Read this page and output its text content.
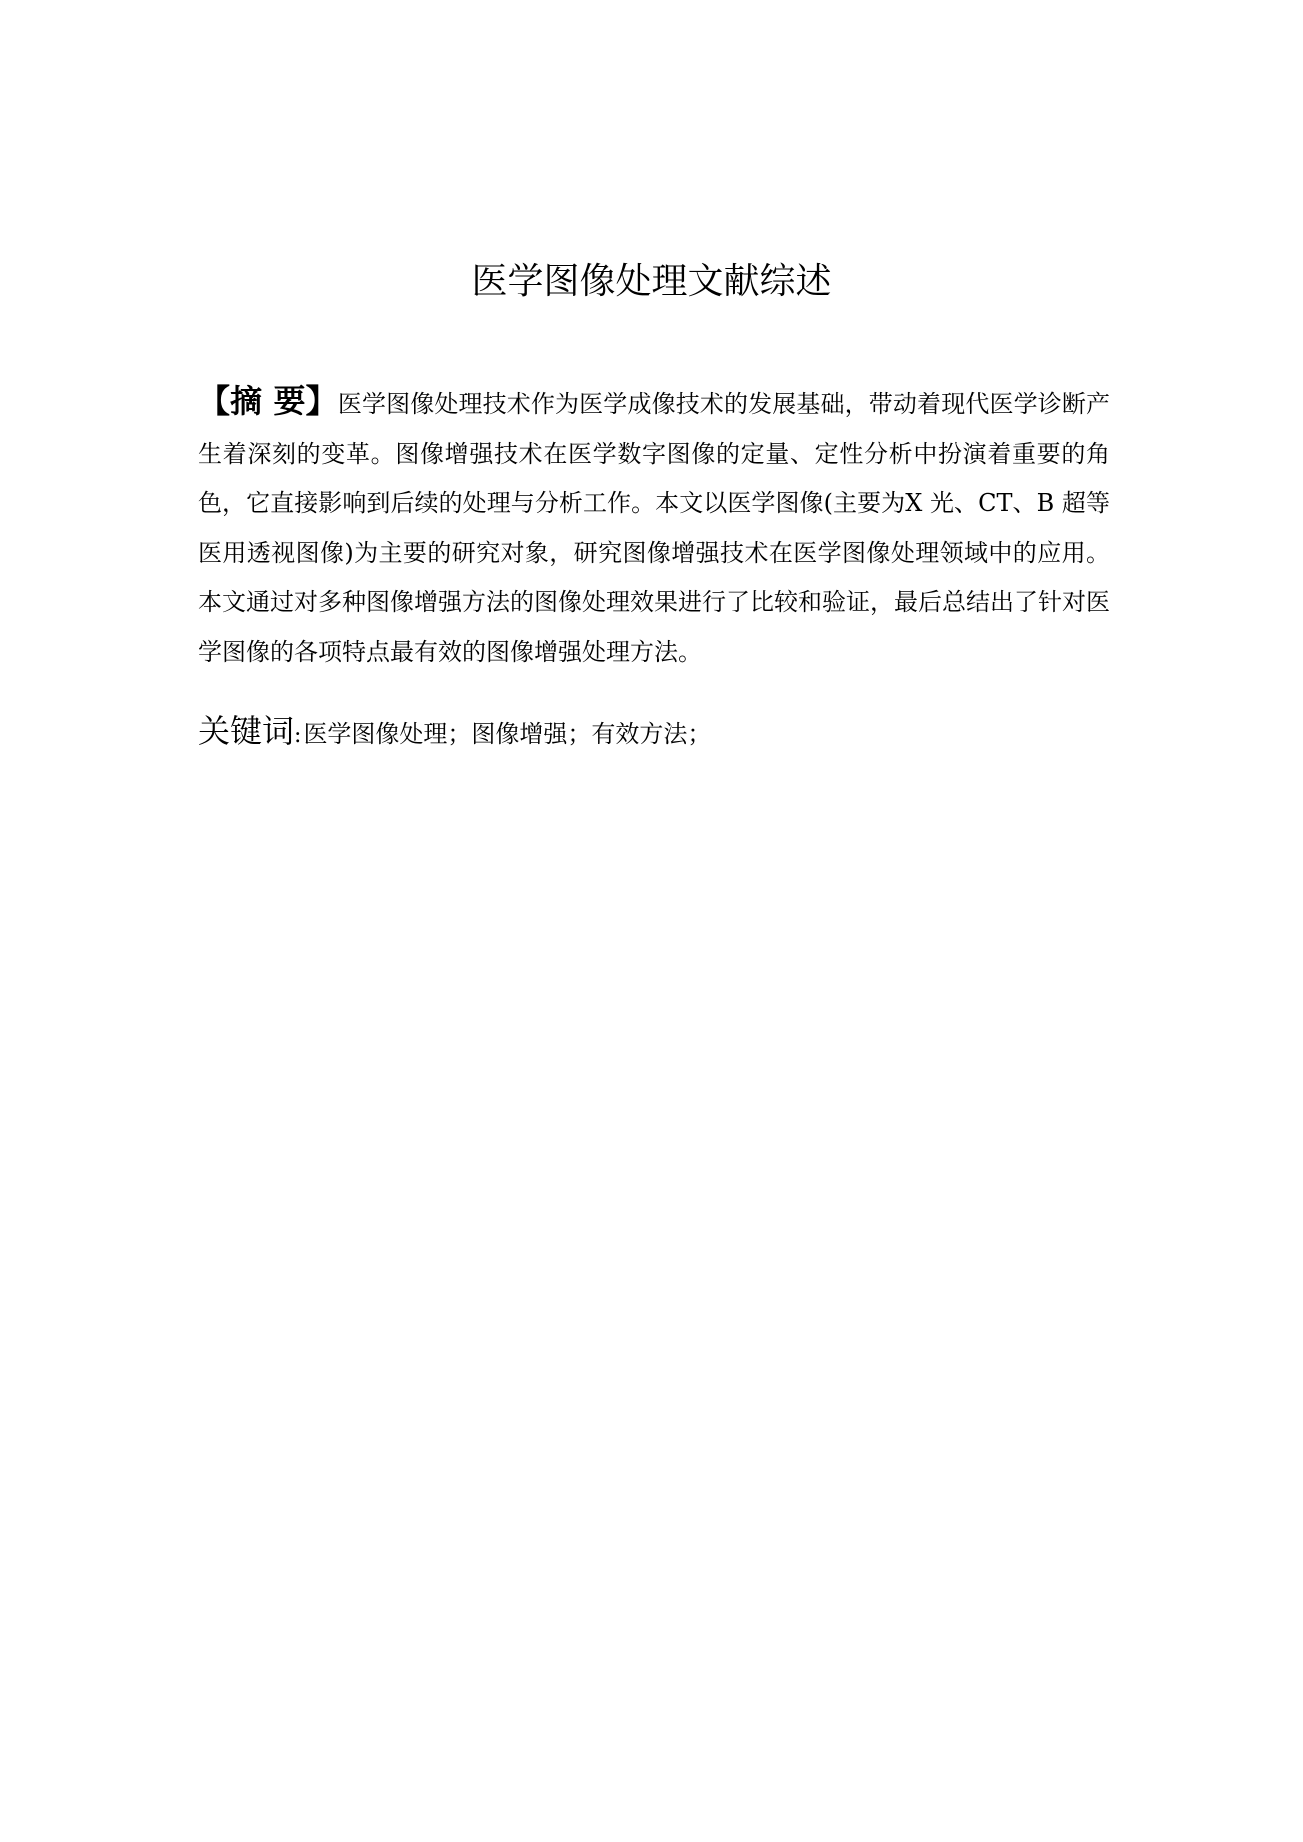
医学图像处理文献综述
【摘 要】医学图像处理技术作为医学成像技术的发展基础，带动着现代医学诊断产生着深刻的变革。图像增强技术在医学数字图像的定量、定性分析中扮演着重要的角色，它直接影响到后续的处理与分析工作。本文以医学图像(主要为X 光、CT、B 超等医用透视图像)为主要的研究对象，研究图像增强技术在医学图像处理领域中的应用。本文通过对多种图像增强方法的图像处理效果进行了比较和验证，最后总结出了针对医学图像的各项特点最有效的图像增强处理方法。
关键词:医学图像处理；图像增强；有效方法；
